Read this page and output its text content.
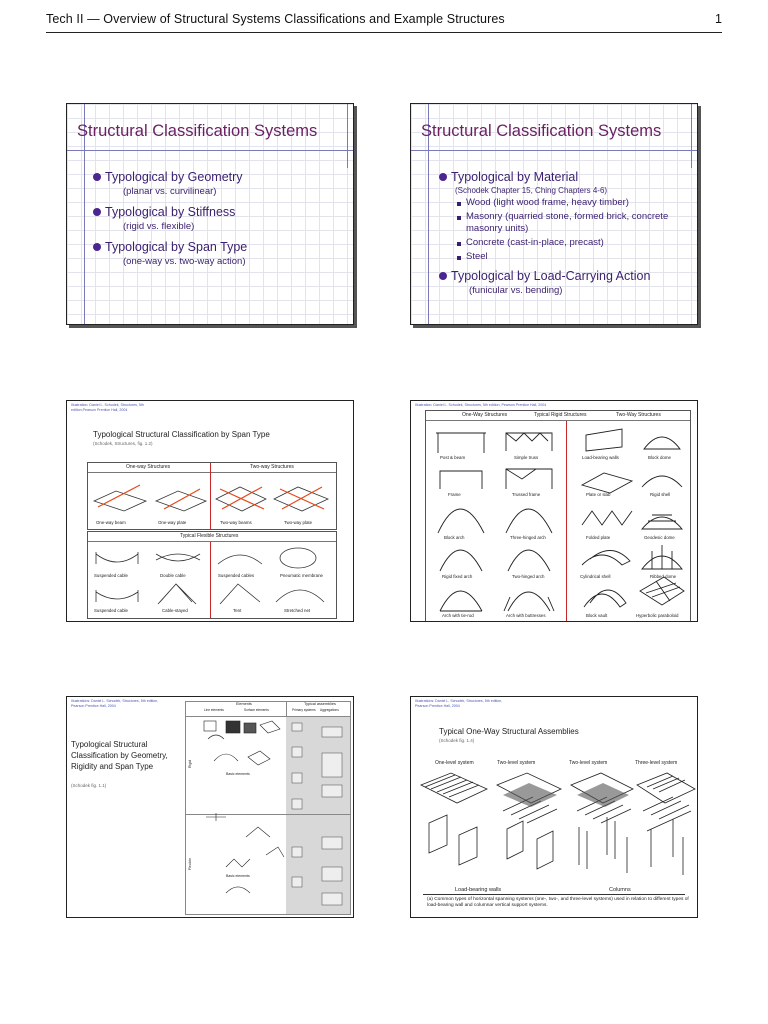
Tech II — Overview of Structural Systems Classifications and Example Structures	1
Structural Classification Systems
Typological by Geometry
(planar vs. curvilinear)
Typological by Stiffness
(rigid vs. flexible)
Typological by Span Type
(one-way vs. two-way action)
Structural Classification Systems
Typological by Material
(Schodek Chapter 15, Ching Chapters 4-6)
Wood (light wood frame, heavy timber)
Masonry (quarried stone, formed brick, concrete masonry units)
Concrete (cast-in-place, precast)
Steel
Typological by Load-Carrying Action
(funicular vs. bending)
Illustration: Daniel L. Schodek, Structures, 5th edition,Pearson Prentice Hall, 2004
Typological Structural Classification by Span Type
(Schodek, Structures, fig. 1.2)
One-way Structures	Two-way Structures
One-way beam	One-way plate	Two-way beams	Two-way plate
Typical Flexible Structures
Suspended cable	Double cable	Suspended cables	Pneumatic membrane
Suspended cable	Cable-stayed	Tent	Stretched net
Illustration: Daniel L. Schodek, Structures, 5th edition, Pearson Prentice Hall, 2004
One-Way Structures	Typical Rigid Structures	Two-Way Structures
Post & beam	Simple truss	Load-bearing walls	Block dome
Frame	Trussed frame	Plate or slab	Rigid shell
Block arch	Three-hinged arch	Folded plate	Geodesic dome
Rigid fixed arch	Two-hinged arch	Cylindrical shell	Ribbed dome
Arch with tie-rod	Arch with buttresses	Block vault	Hyperbolic paraboloid
Illustrations: Daniel L. Schodek, Structures, 5th edition, Pearson Prentice Hall, 2004
Typological Structural Classification by Geometry, Rigidity and Span Type
(Schodek fig. 1.1)
Elements	Typical assemblies
Line elements	Surface elements	Primary systems Aggregations
Rigid
Flexible
Basic elements
Basic elements
Illustrations: Daniel L. Schodek, Structures, 5th edition, Pearson Prentice Hall, 2004
Typical One-Way Structural Assemblies
(Schodek fig. 1.4)
One-level system	Two-level system	Two-level system	Three-level system
Load-bearing walls	Columns
(a) Common types of horizontal spanning systems (one-, two-, and three-level systems) used in relation to different types of load-bearing wall and columnar vertical support systems.
